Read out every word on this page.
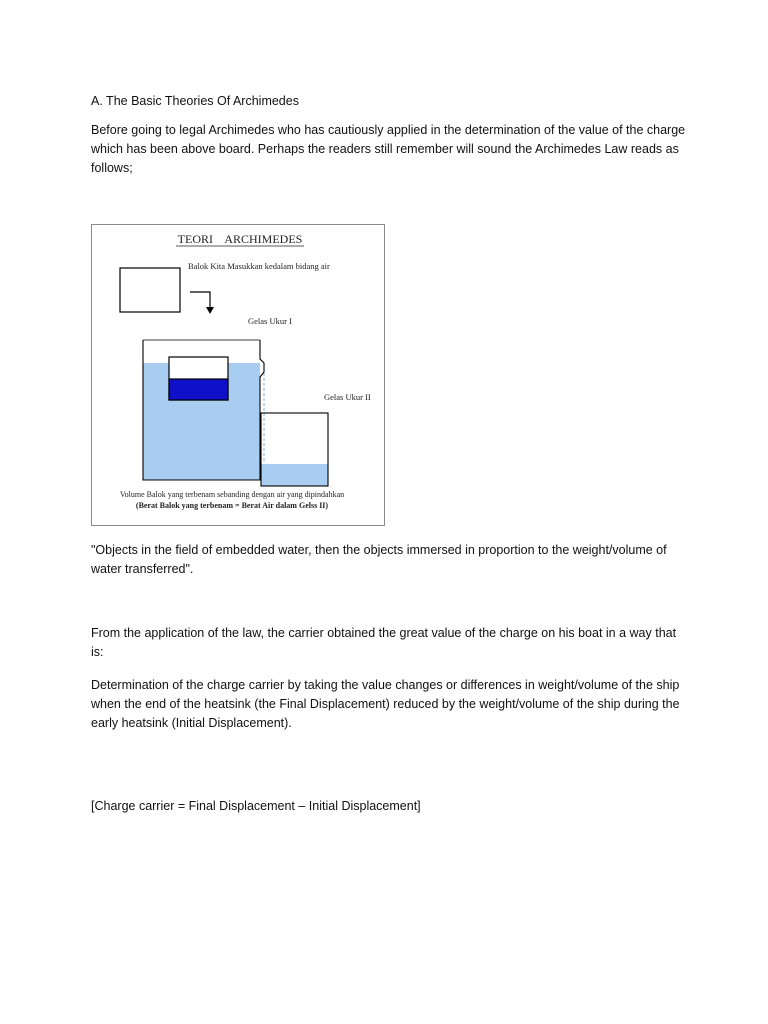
A. The Basic Theories Of Archimedes

Before going to legal Archimedes who has cautiously applied in the determination of the value of the charge which has been above board. Perhaps the readers still remember will sound the Archimedes Law reads as follows;

TEORI    ARCHIMEDES
Balok Kita Masukkan kedalam bidang air
Gelas Ukur I
Gelas Ukur II
Volume Balok yang terbenam sebanding dengan air yang dipindahkan
(Berat Balok yang terbenam = Berat Air dalam Gelss II)

"Objects in the field of embedded water, then the objects immersed in proportion to the weight/volume of water transferred".

From the application of the law, the carrier obtained the great value of the charge on his boat in a way that is:

Determination of the charge carrier by taking the value changes or differences in weight/volume of the ship when the end of the heatsink (the Final Displacement) reduced by the weight/volume of the ship during the early heatsink (Initial Displacement).

[Charge carrier = Final Displacement – Initial Displacement]
